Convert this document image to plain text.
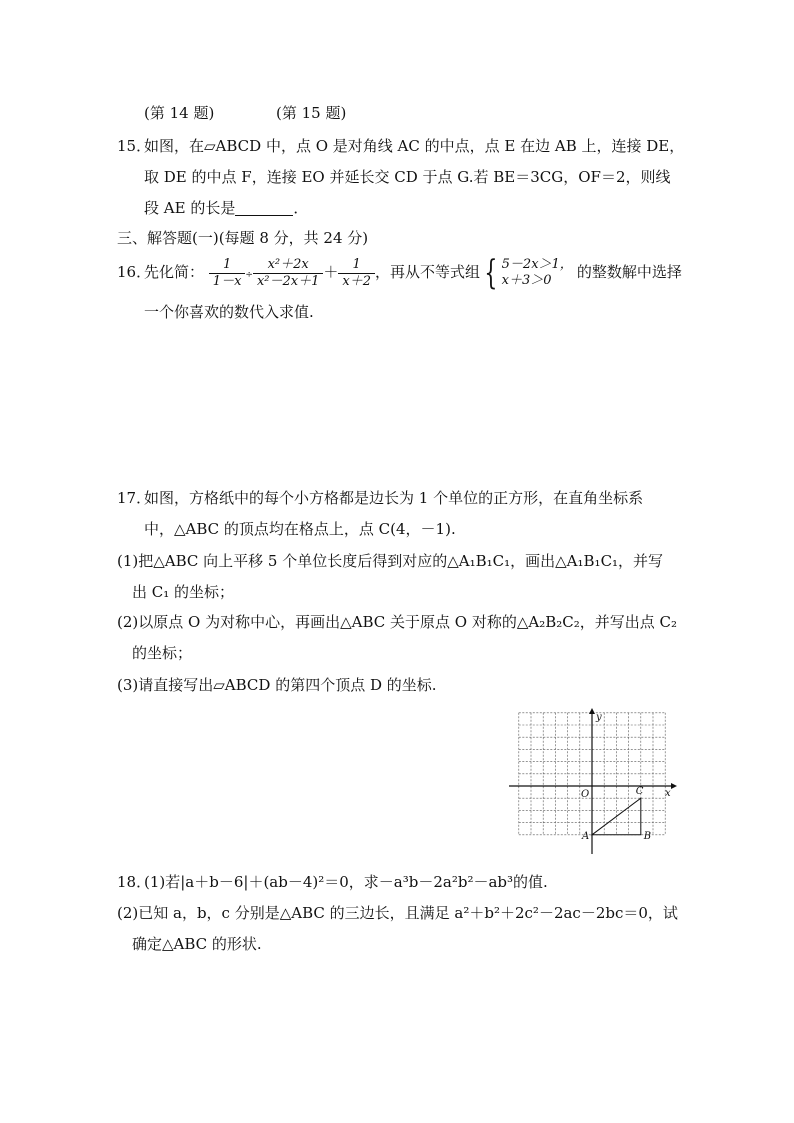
(第 14 题)	(第 15 题)
15．
如图，在▱ABCD 中，点 O 是对角线 AC 的中点，点 E 在边 AB 上，连接 DE，
取 DE 的中点 F，连接 EO 并延长交 CD 于点 G.若 BE＝3CG，OF＝2，则线
段 AE 的长是	．
三、解答题(一)(每题 8 分，共 24 分)
16．
先化简： $\frac{1}{1-x} \div \frac{\text{x²＋2x}}{\text{x²－2x＋1}} + \frac{1}{x+2}$ ，再从不等式组 { 5－2x＞1，
x＋3＞0	的整数解中选择
一个你喜欢的数代入求值.
17．
如图，方格纸中的每个小方格都是边长为 1 个单位的正方形，在直角坐标系
中，△ABC 的顶点均在格点上，点 C(4，－1).
(1)把△ABC 向上平移 5 个单位长度后得到对应的△A₁B₁C₁，画出△A₁B₁C₁，并写
出 C₁ 的坐标；
(2)以原点 O 为对称中心，再画出△ABC 关于原点 O 对称的△A₂B₂C₂，并写出点 C₂
的坐标；
(3)请直接写出▱ABCD 的第四个顶点 D 的坐标.
x
y
O
A	B
C
18．
(1)若|a＋b－6|＋(ab－4)²＝0，求－a³b－2a²b²－ab³的值.
(2)已知 a，b，c 分别是△ABC 的三边长，且满足 a²＋b²＋2c²－2ac－2bc＝0，试
确定△ABC 的形状.
